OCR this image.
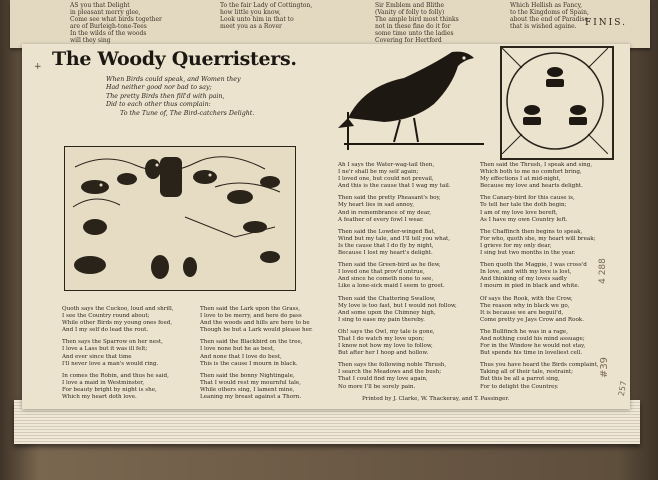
AS you that Delight
in pleasant merry glee,
Come see what birds together
are of Burleigh-tone-Tees
In the wilds of the woods
will they sing

To the fair Lady of Cottington,
how little you know,
Look unto him in that to
meet you as a Rover
Sir Emblem and Blithe
(Vanity of folly to folly)
The ample bird most thinks
not in these fine do it for
some time unto the ladies
Covering for Hertford
Which Hellish as Fancy,
to the Kingdoms of Spain,
about the end of Paradise
that is wished againe. FINIS.
+ The Woody Querristers.
When Birds could speak, and Women they
Had neither good nor bad to say;
The pretty Birds then fill'd with pain,
Did to each other thus complain:
To the Tune of, The Bird-catchers Delight.
Quoth says the Cuckoo, loud and shrill,
I see the Country round about;
While other Birds my young ones feed,
And I my self do lead the rout.
Then says the Sparrow on her nest,
I love a Lass but it was ill felt;
And ever since that time
I'll never love a man's would ring.
In comes the Robin, and thus he said,
I love a maid in Westminster,
For beauty bright by night is she,
Which my heart doth love.
Then said the Lark upon the Grass,
I love to be merry, and here do pass
And the woods and hills are here to be
Though be but a Lark would please her.
Then said the Blackbird on the tree,
I love none but he as best,
And none that I love do best,
This is the cause I mourn in black.
Then said the bonny Nightingale,
That I would rest my mournful tale,
While others sing, I lament mine,
Leaning my breast against a Thorn.
Ah I says the Water-wag-tail then,
I ne'r shall be my self again;
I loved one, but could not prevail,
And this is the cause that I wag my tail.
Then said the pretty Pheasant's boy,
My heart lies in sad annoy,
And in remembrance of my dear,
A feather of every fowl I wear.
Then said the Lowder-winged Bat,
Wind but my tale, and I'll tell you what,
Is the cause that I do fly by night,
Because I lost my heart's delight.
Then said the Green-bird as he flew,
I loved one that prov'd untrue,
And since he cometh none to see,
Like a lone-sick maid I seem to greet.
Then said the Chattering Swallow,
My love is too fast, but I would not follow,
And some upon the Chimney high,
I sing to ease my pain thereby.
Oh! says the Owl, my tale is gone,
That I do watch my love upon;
I know not how my love to follow,
But after her I hoop and hollow.
Then says the following noble Thrush,
I search the Meadows and the bush;
That I could find my love again,
No more I'll be sorely pain.
Then said the Thrush, I speak and sing,
Which both to me no comfort bring,
My effections I at mid-night,
Because my love and hearts delight.
The Canary-bird for this cause is,
To tell her tale the doth begin;
I am of my love love bereft,
As I have my own Country left.
The Chaffinch then begins to speak,
For who, quoth she, my heart will break;
I grieve for my only dear,
I sing but two months in the year.
Then quoth the Magpie, I was cross'd
In love, and with my love is lost,
And thinking of my loves sadly
I mourn in pied in black and white.
Of says the Rook, with the Crow,
The reason why in black we go,
It is because we are beguil'd,
Come pretty ye Jays Crow and Rook.
The Bullfinch he was in a rage,
And nothing could his mind assuage;
For in the Window he would not stay,
But spends his time in loveliest cell.
Thus you have heard the Birds complaint,
Taking all of their tale, restraint;
But this be all a parrot sing,
For to delight the Countrey.
Printed by J. Clarke, W. Thackeray, and T. Passinger.
4 288
#39
257
